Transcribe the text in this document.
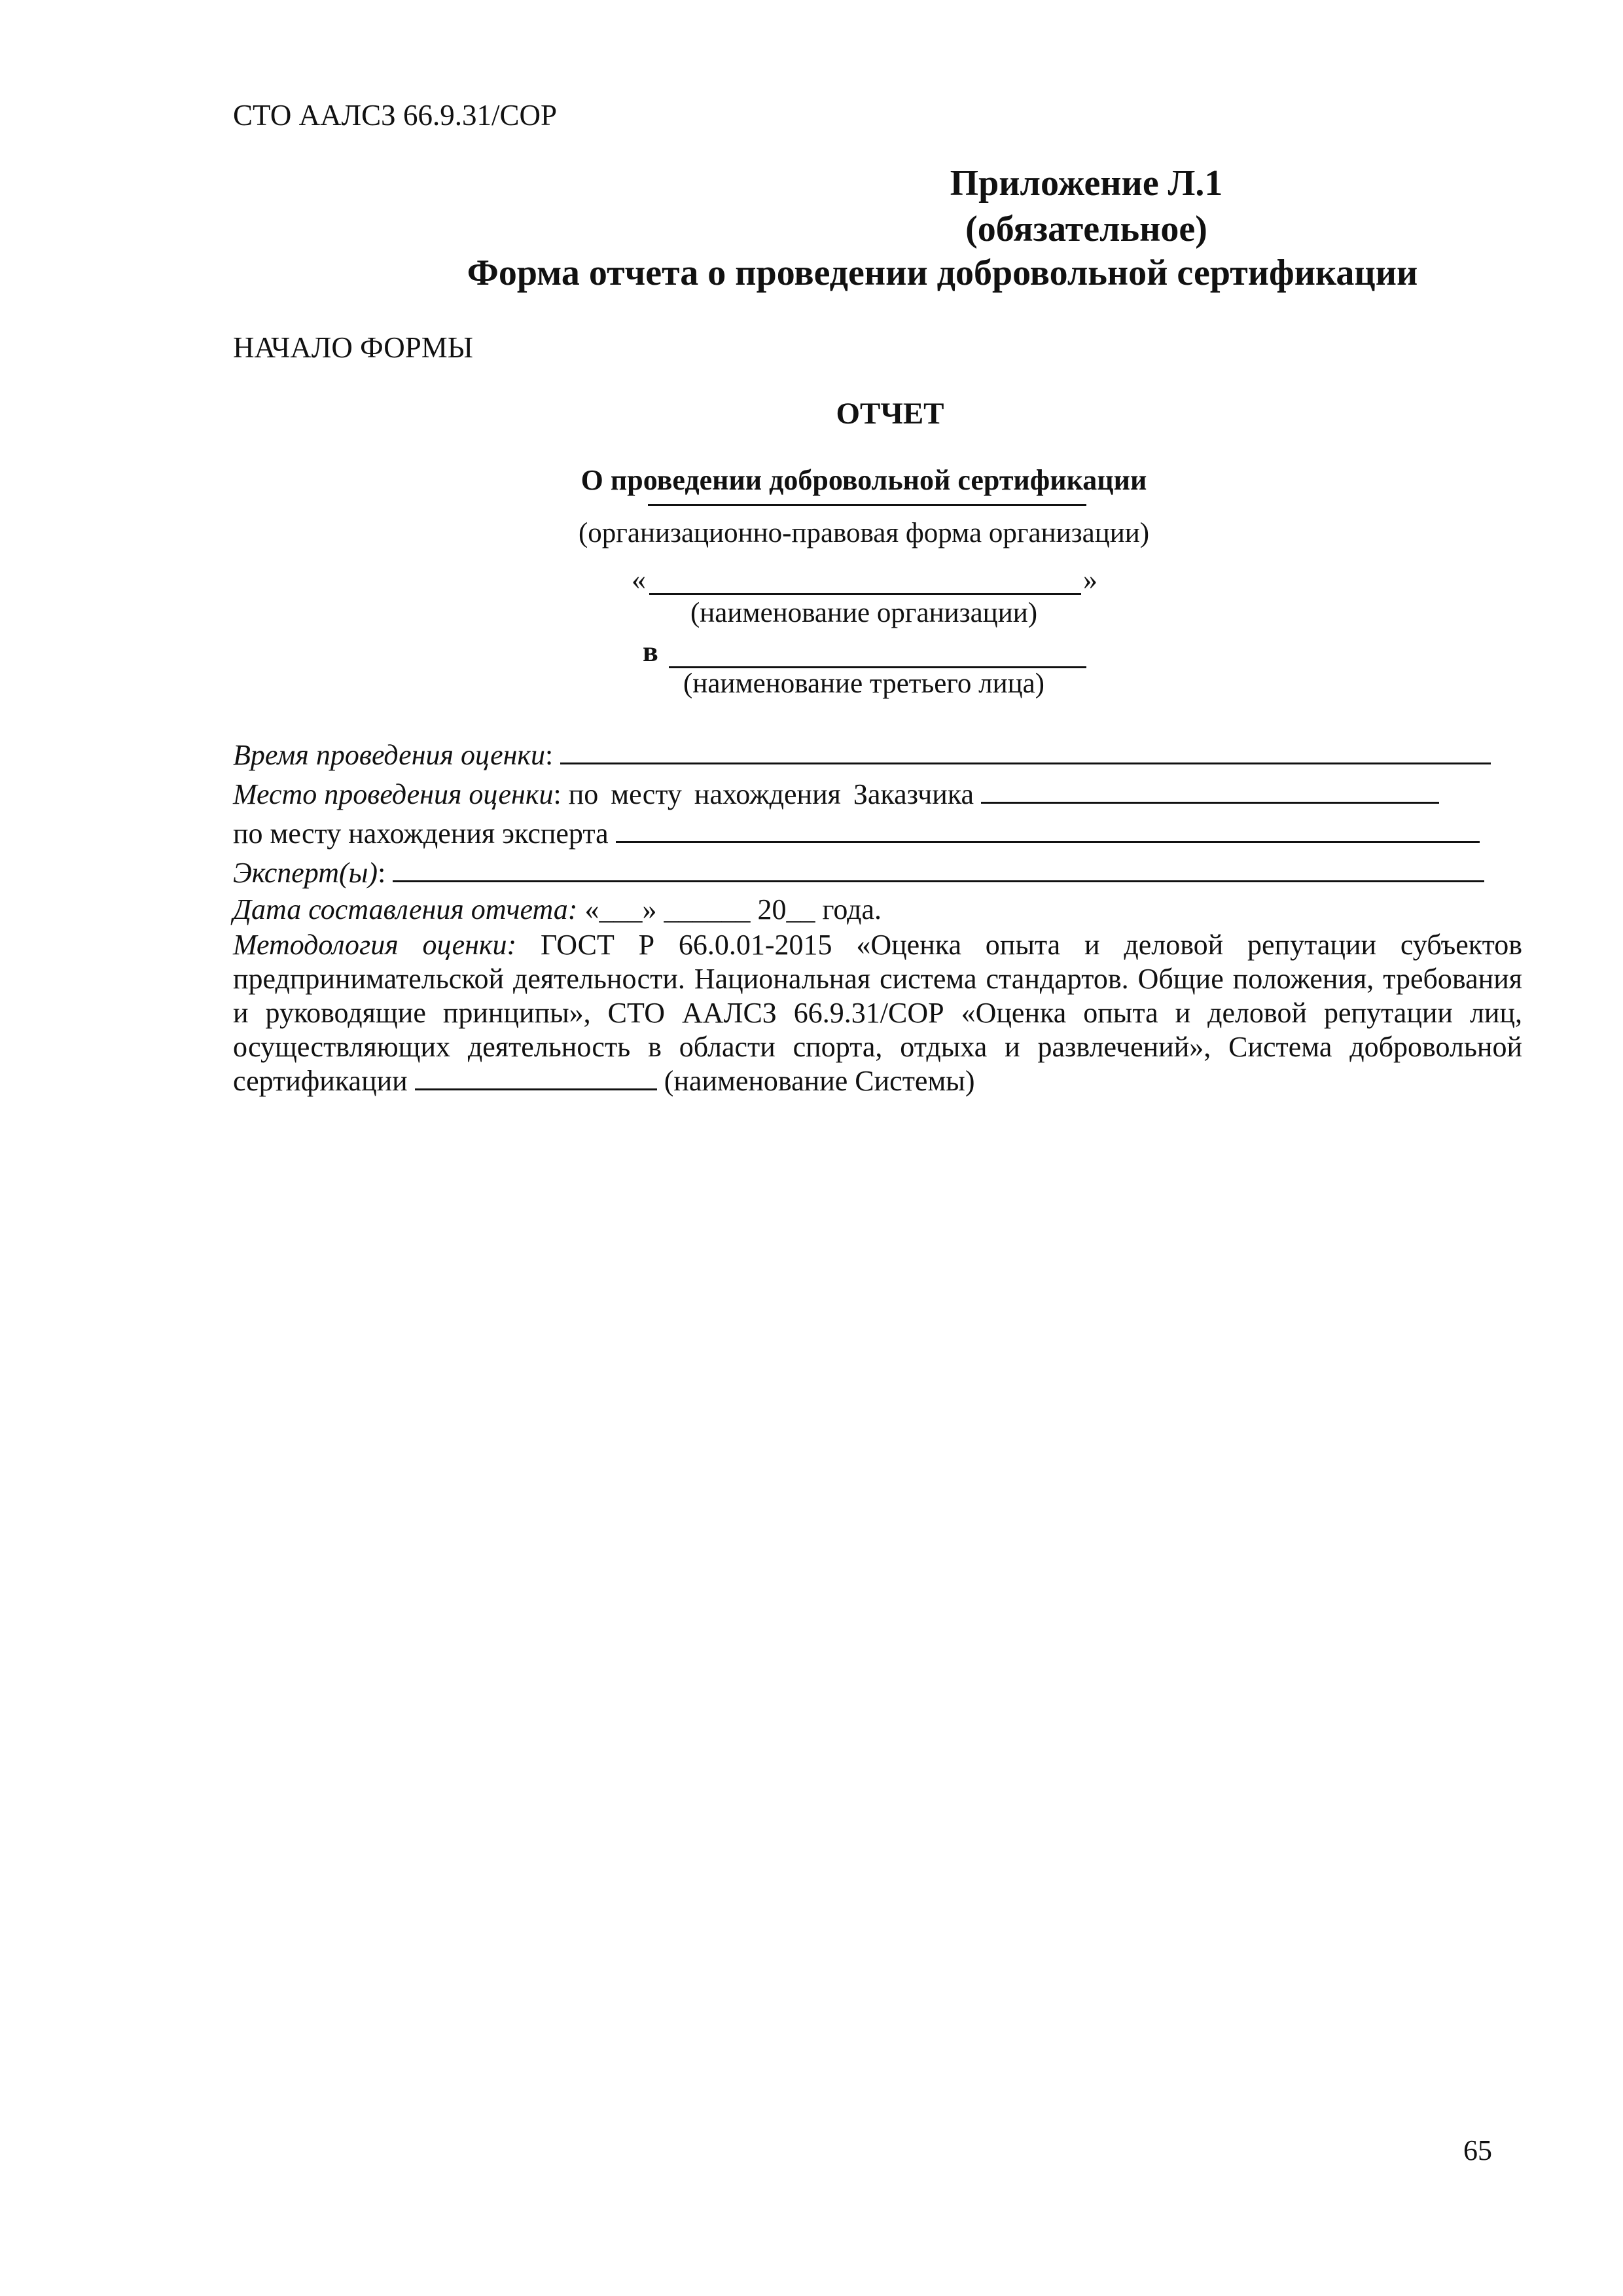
СТО ААЛСЗ 66.9.31/СОР
Приложение Л.1
(обязательное)
Форма отчета о проведении добровольной сертификации
НАЧАЛО ФОРМЫ
ОТЧЕТ
О проведении добровольной сертификации
(организационно-правовая форма организации)
«	»
(наименование организации)
в
(наименование третьего лица)
Время проведения оценки:
Место проведения оценки: по месту нахождения Заказчика
по месту нахождения эксперта
Эксперт(ы):
Дата составления отчета: «___» ______ 20__ года.
Методология оценки: ГОСТ Р 66.0.01-2015 «Оценка опыта и деловой репутации субъектов предпринимательской деятельности. Национальная система стандартов. Общие положения, требования и руководящие принципы», СТО ААЛСЗ 66.9.31/СОР «Оценка опыта и деловой репутации лиц, осуществляющих деятельность в области спорта, отдыха и развлечений», Система добровольной сертификации	(наименование Системы)
65
